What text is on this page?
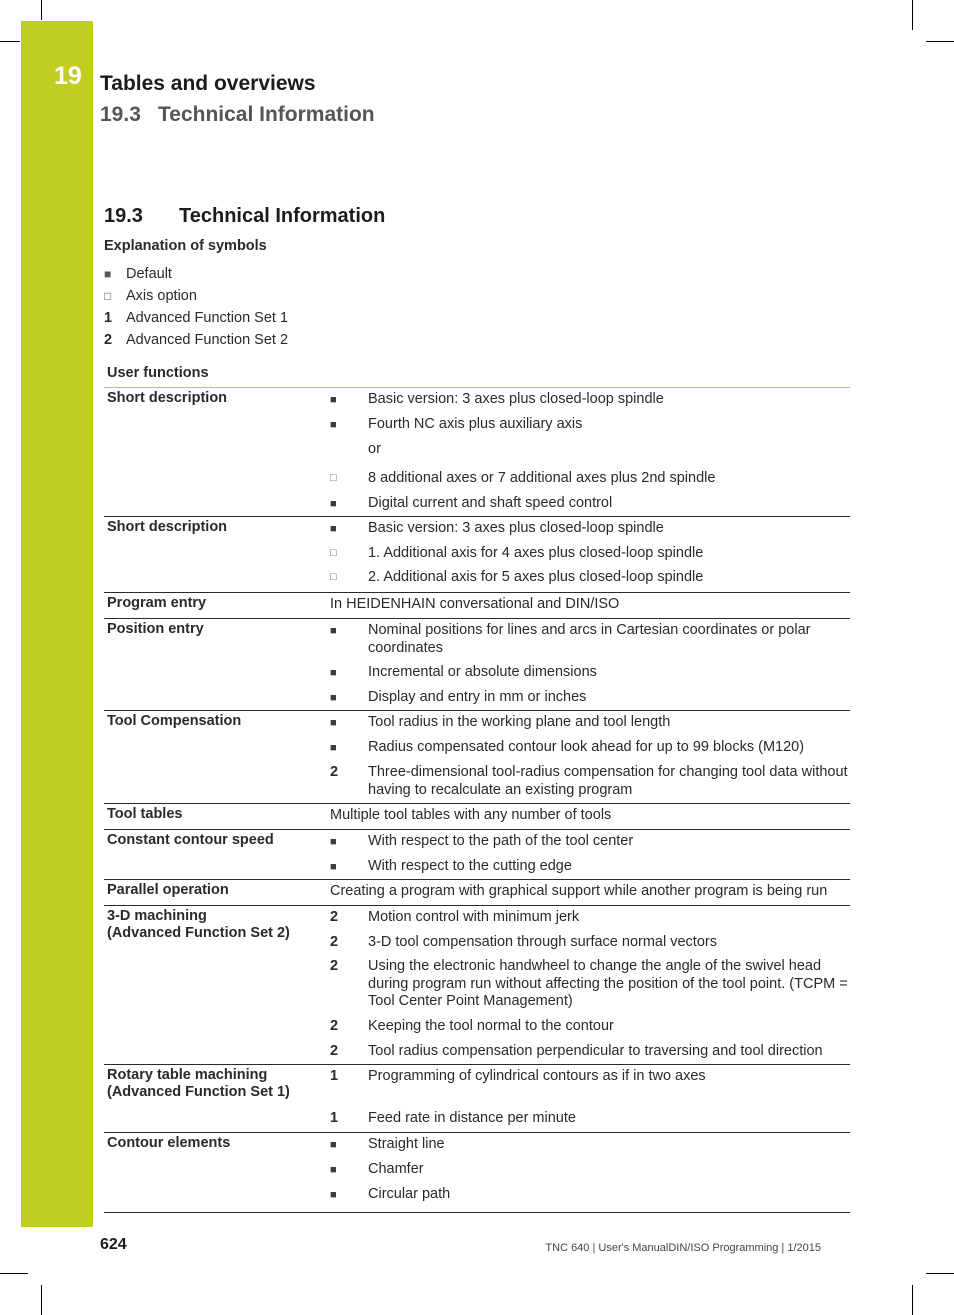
19 Tables and overviews
19.3 Technical Information
19.3 Technical Information
Explanation of symbols
■	Default
□	Axis option
1 Advanced Function Set 1
2 Advanced Function Set 2
User functions
Short description	■	Basic version: 3 axes plus closed-loop spindle
■	Fourth NC axis plus auxiliary axis
or
□	8 additional axes or 7 additional axes plus 2nd spindle
■	Digital current and shaft speed control
Short description	■	Basic version: 3 axes plus closed-loop spindle
□	1. Additional axis for 4 axes plus closed-loop spindle
□	2. Additional axis for 5 axes plus closed-loop spindle
Program entry	In HEIDENHAIN conversational and DIN/ISO
Position entry	■	Nominal positions for lines and arcs in Cartesian coordinates or polar coordinates
■	Incremental or absolute dimensions
■	Display and entry in mm or inches
Tool Compensation	■	Tool radius in the working plane and tool length
■	Radius compensated contour look ahead for up to 99 blocks (M120)
2	Three-dimensional tool-radius compensation for changing tool data without having to recalculate an existing program
Tool tables	Multiple tool tables with any number of tools
Constant contour speed	■	With respect to the path of the tool center
■	With respect to the cutting edge
Parallel operation	Creating a program with graphical support while another program is being run
3-D machining
(Advanced Function Set 2)
2	Motion control with minimum jerk
2	3-D tool compensation through surface normal vectors
2	Using the electronic handwheel to change the angle of the swivel head during program run without affecting the position of the tool point. (TCPM = Tool Center Point Management)
2	Keeping the tool normal to the contour
2	Tool radius compensation perpendicular to traversing and tool direction
Rotary table machining
(Advanced Function Set 1)
1	Programming of cylindrical contours as if in two axes
1	Feed rate in distance per minute
Contour elements	■	Straight line
■	Chamfer
■	Circular path
624	TNC 640 | User's ManualDIN/ISO Programming | 1/2015
